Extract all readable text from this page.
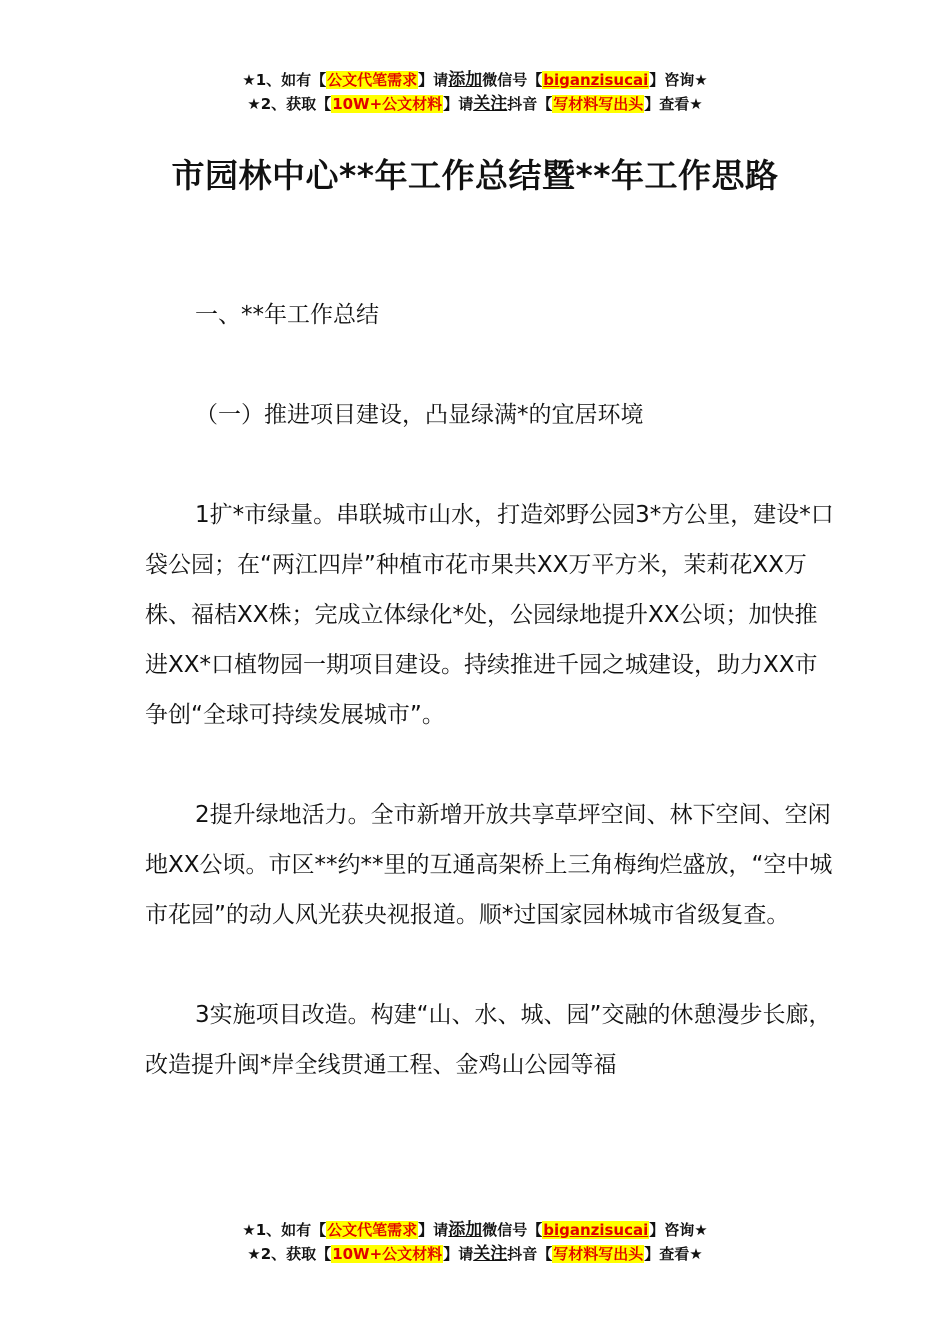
★1、如有【公文代笔需求】请添加微信号【biganzisucai】咨询★
★2、获取【10W+公文材料】请关注抖音【写材料写出头】查看★
市园林中心**年工作总结暨**年工作思路

一、**年工作总结

（一）推进项目建设，凸显绿满*的宜居环境

1扩*市绿量。串联城市山水，打造郊野公园3*方公里，建设*口袋公园；在“两江四岸”种植市花市果共XX万平方米，茉莉花XX万株、福桔XX株；完成立体绿化*处，公园绿地提升XX公顷；加快推进XX*口植物园一期项目建设。持续推进千园之城建设，助力XX市争创“全球可持续发展城市”。

2提升绿地活力。全市新增开放共享草坪空间、林下空间、空闲地XX公顷。市区**约**里的互通高架桥上三角梅绚烂盛放，“空中城市花园”的动人风光获央视报道。顺*过国家园林城市省级复查。

3实施项目改造。构建“山、水、城、园”交融的休憩漫步长廊，改造提升闽*岸全线贯通工程、金鸡山公园等福

★1、如有【公文代笔需求】请添加微信号【biganzisucai】咨询★
★2、获取【10W+公文材料】请关注抖音【写材料写出头】查看★
